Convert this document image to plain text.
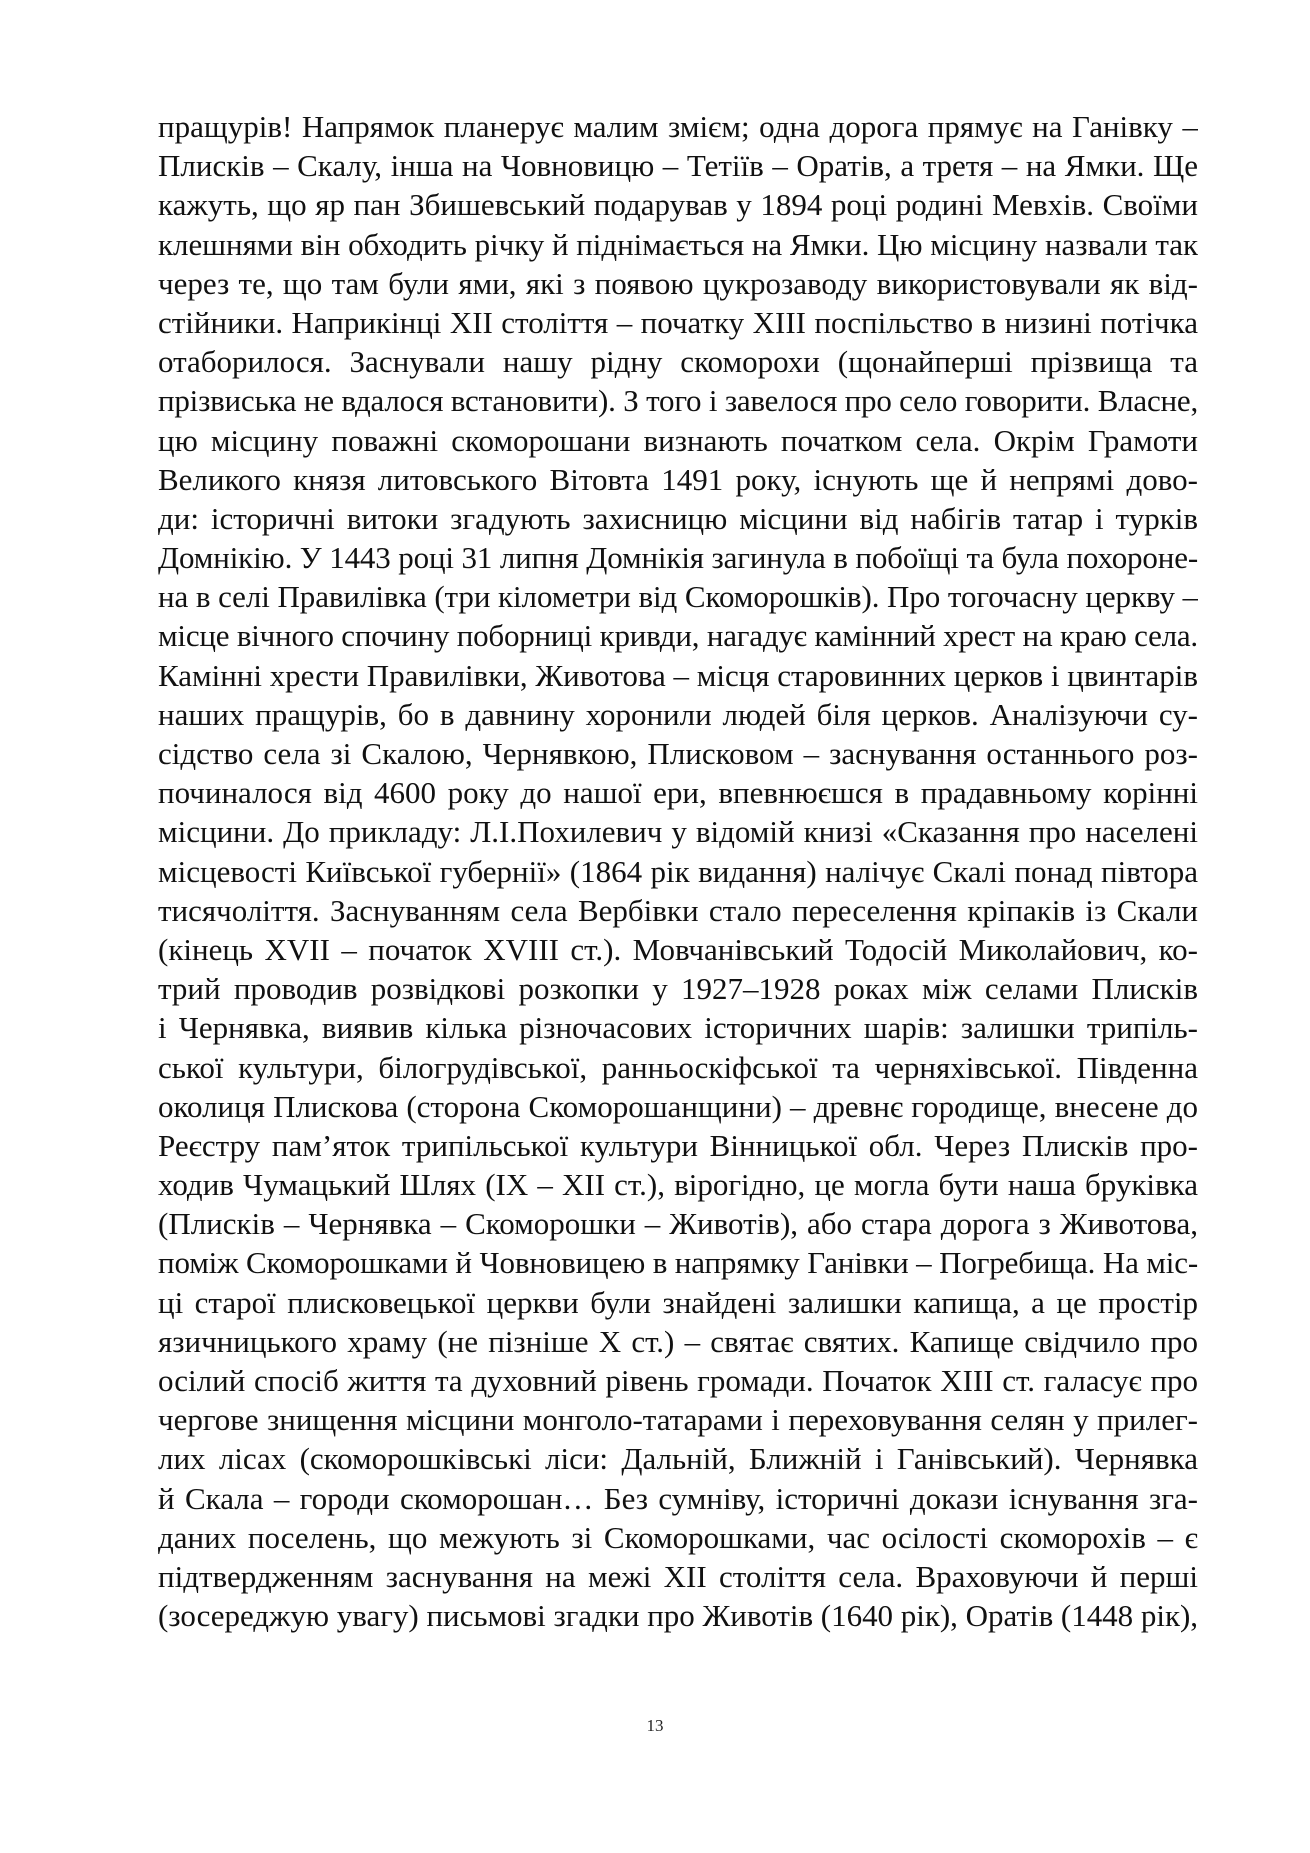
пращурів! Напрямок планерує малим змієм; одна дорога прямує на Ганівку –
Плисків – Скалу, інша на Човновицю – Тетіїв – Оратів, а третя – на Ямки. Ще
кажуть, що яр пан Збишевський подарував у 1894 році родині Мевхів. Своїми
клешнями він обходить річку й піднімається на Ямки. Цю місцину назвали так
через те, що там були ями, які з появою цукрозаводу використовували як від-
стійники. Наприкінці XII століття – початку XIII поспільство в низині потічка
отаборилося. Заснували нашу рідну скоморохи (щонайперші прізвища та
прізвиська не вдалося встановити). З того і завелося про село говорити. Власне,
цю місцину поважні скоморошани визнають початком села. Окрім Грамоти
Великого князя литовського Вітовта 1491 року, існують ще й непрямі дово-
ди: історичні витоки згадують захисницю місцини від набігів татар і турків
Домнікію. У 1443 році 31 липня Домнікія загинула в побоїщі та була похороне-
на в селі Правилівка (три кілометри від Скоморошків). Про тогочасну церкву –
місце вічного спочину поборниці кривди, нагадує камінний хрест на краю села.
Камінні хрести Правилівки, Животова – місця старовинних церков і цвинтарів
наших пращурів, бо в давнину хоронили людей біля церков. Аналізуючи су-
сідство села зі Скалою, Чернявкою, Плисковом – заснування останнього роз-
починалося від 4600 року до нашої ери, впевнюєшся в прадавньому корінні
місцини. До прикладу: Л.І.Похилевич у відомій книзі «Сказання про населені
місцевості Київської губернії» (1864 рік видання) налічує Скалі понад півтора
тисячоліття. Заснуванням села Вербівки стало переселення кріпаків із Скали
(кінець XVII – початок XVIII ст.). Мовчанівський Тодосій Миколайович, ко-
трий проводив розвідкові розкопки у 1927–1928 роках між селами Плисків
і Чернявка, виявив кілька різночасових історичних шарів: залишки трипіль-
ської культури, білогрудівської, ранньоскіфської та черняхівської. Південна
околиця Плискова (сторона Скоморошанщини) – древнє городище, внесене до
Реєстру пам’яток трипільської культури Вінницької обл. Через Плисків про-
ходив Чумацький Шлях (IX – XII ст.), вірогідно, це могла бути наша бруківка
(Плисків – Чернявка – Скоморошки – Животів), або стара дорога з Животова,
поміж Скоморошками й Човновицею в напрямку Ганівки – Погребища. На міс-
ці старої плисковецької церкви були знайдені залишки капища, а це простір
язичницького храму (не пізніше X ст.) – святає святих. Капище свідчило про
осілий спосіб життя та духовний рівень громади. Початок XIII ст. галасує про
чергове знищення місцини монголо-татарами і переховування селян у прилег-
лих лісах (скоморошківські ліси: Дальній, Ближній і Ганівський). Чернявка
й Скала – городи скоморошан… Без сумніву, історичні докази існування зга-
даних поселень, що межують зі Скоморошками, час осілості скоморохів – є
підтвердженням заснування на межі XII століття села. Враховуючи й перші
(зосереджую увагу) письмові згадки про Животів (1640 рік), Оратів (1448 рік),
13
